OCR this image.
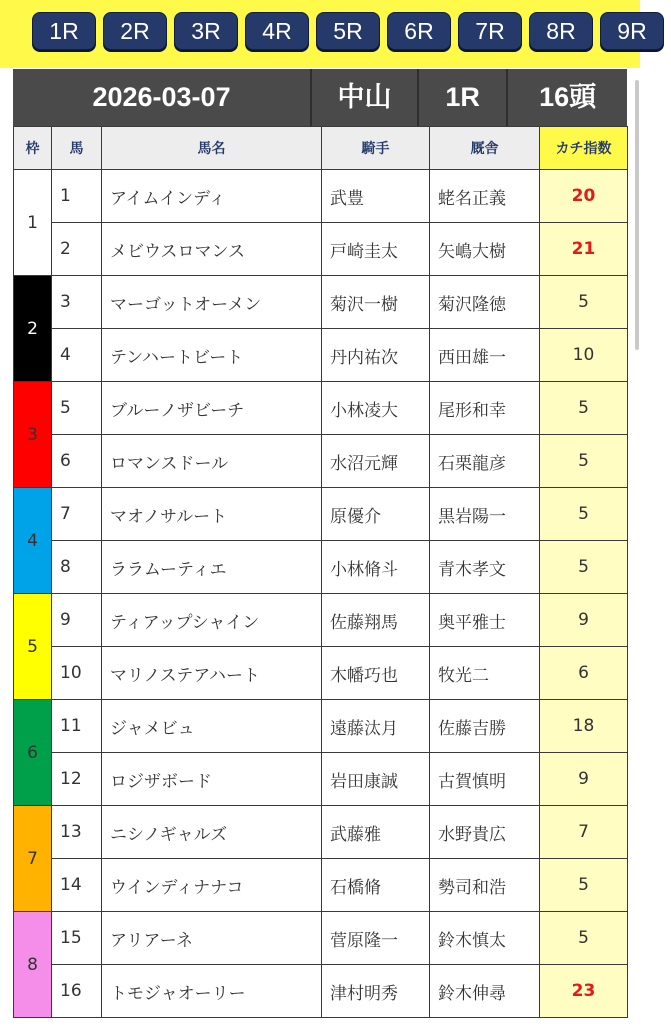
1R 2R 3R 4R 5R 6R 7R 8R 9R
2026-03-07	中山	1R	16頭
枠	馬	馬名	騎手	厩舎	カチ指数
1	1	アイムインディ	武豊	蛯名正義	20
	2	メビウスロマンス	戸崎圭太	矢嶋大樹	21
2	3	マーゴットオーメン	菊沢一樹	菊沢隆徳	5
	4	テンハートビート	丹内祐次	西田雄一	10
3	5	ブルーノザビーチ	小林凌大	尾形和幸	5
	6	ロマンスドール	水沼元輝	石栗龍彦	5
4	7	マオノサルート	原優介	黒岩陽一	5
	8	ララムーティエ	小林脩斗	青木孝文	5
5	9	ティアップシャイン	佐藤翔馬	奥平雅士	9
	10	マリノステアハート	木幡巧也	牧光二	6
6	11	ジャメビュ	遠藤汰月	佐藤吉勝	18
	12	ロジザボード	岩田康誠	古賀慎明	9
7	13	ニシノギャルズ	武藤雅	水野貴広	7
	14	ウインディナナコ	石橋脩	勢司和浩	5
8	15	アリアーネ	菅原隆一	鈴木慎太	5
	16	トモジャオーリー	津村明秀	鈴木伸尋	23
